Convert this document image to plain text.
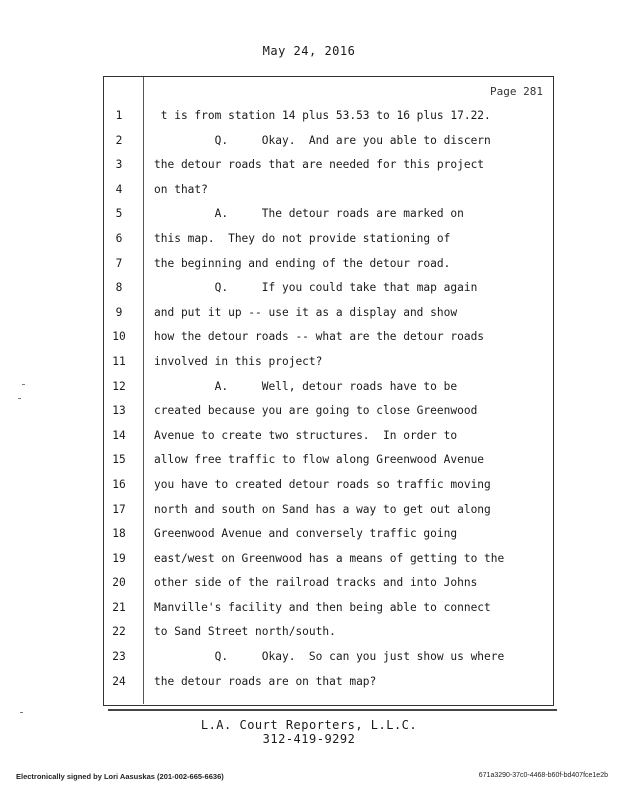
May 24, 2016
Page 281
1	t is from station 14 plus 53.53 to 16 plus 17.22.
2	Q.     Okay.  And are you able to discern
3	the detour roads that are needed for this project
4	on that?
5	A.     The detour roads are marked on
6	this map.  They do not provide stationing of
7	the beginning and ending of the detour road.
8	Q.     If you could take that map again
9	and put it up -- use it as a display and show
10	how the detour roads -- what are the detour roads
11	involved in this project?
12	A.     Well, detour roads have to be
13	created because you are going to close Greenwood
14	Avenue to create two structures.  In order to
15	allow free traffic to flow along Greenwood Avenue
16	you have to created detour roads so traffic moving
17	north and south on Sand has a way to get out along
18	Greenwood Avenue and conversely traffic going
19	east/west on Greenwood has a means of getting to the
20	other side of the railroad tracks and into Johns
21	Manville's facility and then being able to connect
22	to Sand Street north/south.
23	Q.     Okay.  So can you just show us where
24	the detour roads are on that map?
L.A. Court Reporters, L.L.C.
312-419-9292
Electronically signed by Lori Aasuskas (201-002-665-6636)	671a3290-37c0-4468-b60f-bd407fce1e2b
